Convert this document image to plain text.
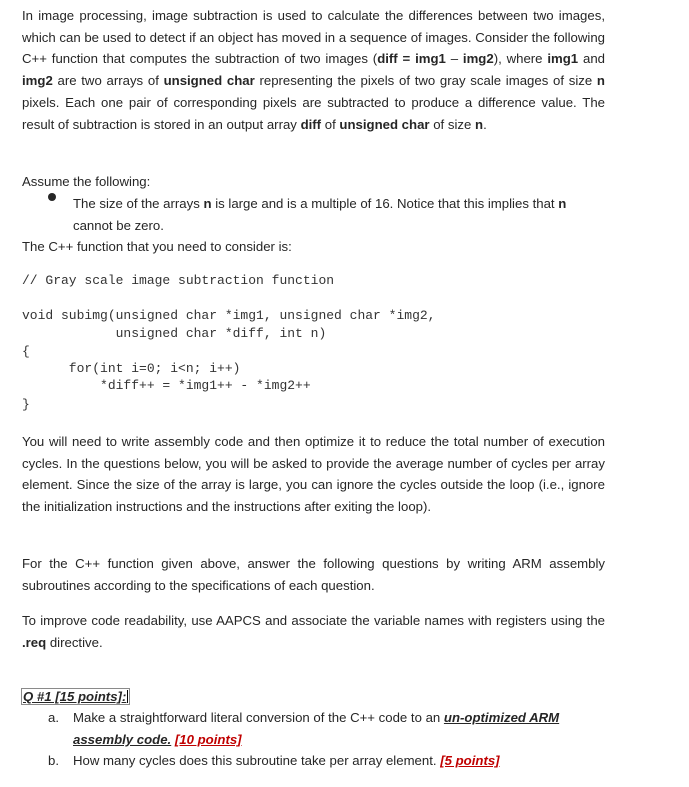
In image processing, image subtraction is used to calculate the differences between two images, which can be used to detect if an object has moved in a sequence of images. Consider the following C++ function that computes the subtraction of two images (diff = img1 – img2), where img1 and img2 are two arrays of unsigned char representing the pixels of two gray scale images of size n pixels. Each one pair of corresponding pixels are subtracted to produce a difference value. The result of subtraction is stored in an output array diff of unsigned char of size n.

Assume the following:

The size of the arrays n is large and is a multiple of 16. Notice that this implies that n

cannot be zero.

The C++ function that you need to consider is:

// Gray scale image subtraction function
void subimg(unsigned char *img1, unsigned char *img2,
unsigned char *diff, int n)
{
for(int i=0; i<n; i++)
*diff++ = *img1++ - *img2++
}

You will need to write assembly code and then optimize it to reduce the total number of execution cycles. In the questions below, you will be asked to provide the average number of cycles per array element. Since the size of the array is large, you can ignore the cycles outside the loop (i.e., ignore the initialization instructions and the instructions after exiting the loop).

For the C++ function given above, answer the following questions by writing ARM assembly subroutines according to the specifications of each question.

To improve code readability, use AAPCS and associate the variable names with registers using the .req directive.

Q #1 [15 points]:
a. Make a straightforward literal conversion of the C++ code to an un-optimized ARM

assembly code. [10 points]

b. How many cycles does this subroutine take per array element. [5 points]
